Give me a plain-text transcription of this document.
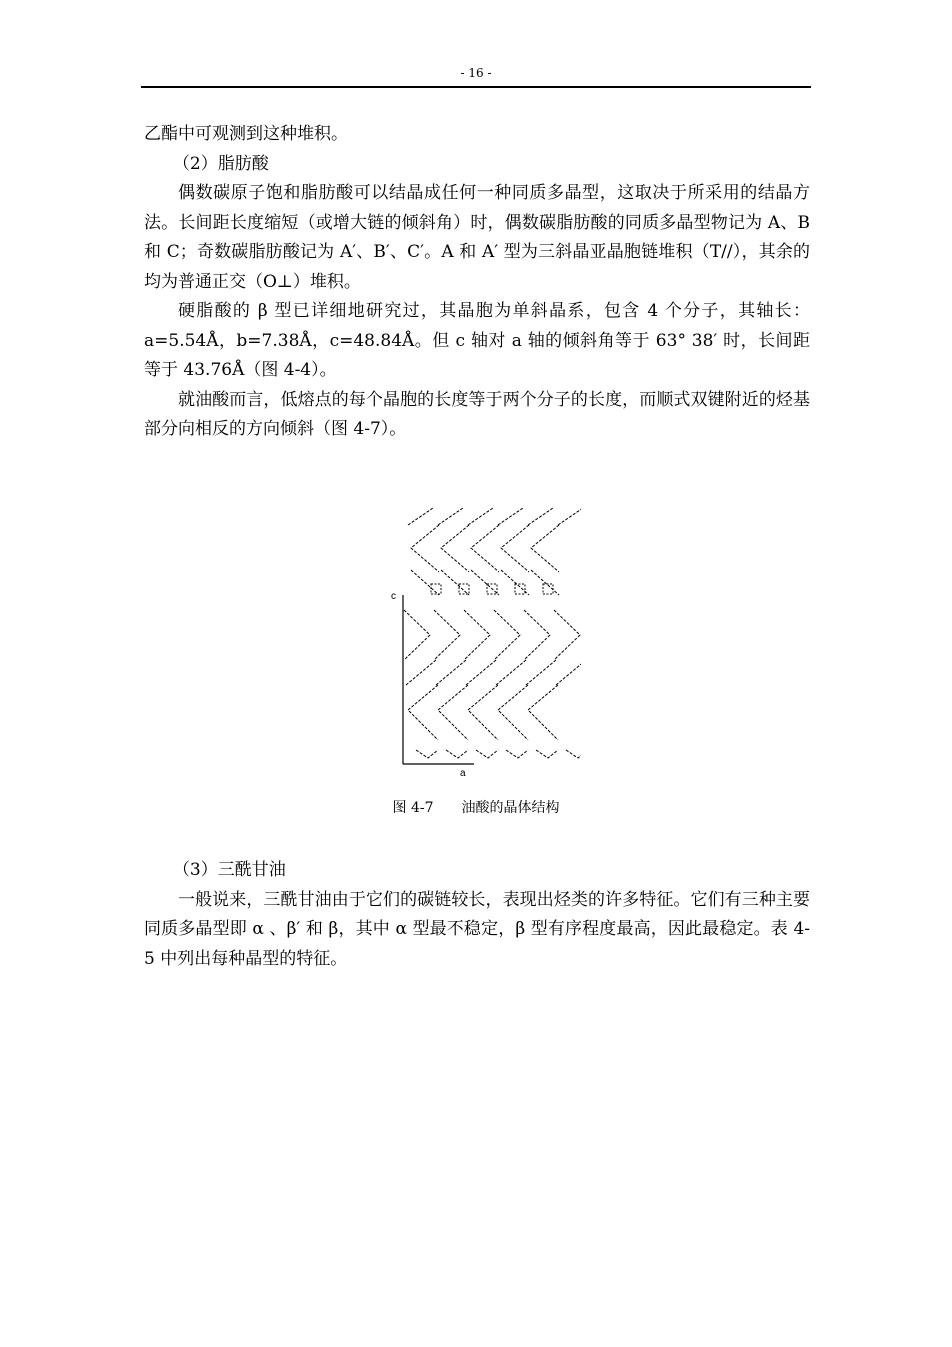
- 16 -

乙酯中可观测到这种堆积。

（2）脂肪酸

偶数碳原子饱和脂肪酸可以结晶成任何一种同质多晶型，这取决于所采用的结晶方法。长间距长度缩短（或增大链的倾斜角）时，偶数碳脂肪酸的同质多晶型物记为 A、B 和 C；奇数碳脂肪酸记为 A′、B′、C′。A 和 A′ 型为三斜晶亚晶胞链堆积（T//），其余的均为普通正交（O⊥）堆积。

硬脂酸的 β 型已详细地研究过，其晶胞为单斜晶系，包含 4 个分子，其轴长：a=5.54Å，b=7.38Å，c=48.84Å。但 c 轴对 a 轴的倾斜角等于 63° 38′ 时，长间距等于 43.76Å（图 4-4）。

就油酸而言，低熔点的每个晶胞的长度等于两个分子的长度，而顺式双键附近的烃基部分向相反的方向倾斜（图 4-7）。

c
a
图 4-7 油酸的晶体结构

（3）三酰甘油

一般说来，三酰甘油由于它们的碳链较长，表现出烃类的许多特征。它们有三种主要同质多晶型即 α 、β′ 和 β，其中 α 型最不稳定，β 型有序程度最高，因此最稳定。表 4-5 中列出每种晶型的特征。
